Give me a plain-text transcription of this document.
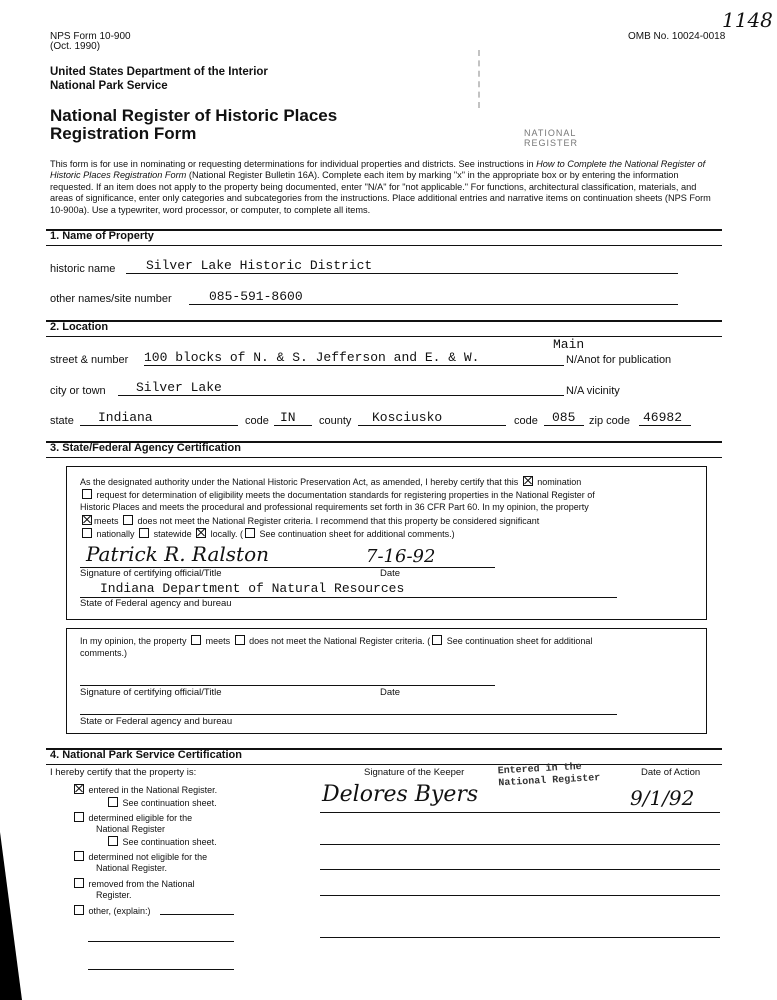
NPS Form 10-900
(Oct. 1990)
OMB No. 10024-0018
1148
United States Department of the Interior
National Park Service
National Register of Historic Places
Registration Form	NATIONAL REGISTER

This form is for use in nominating or requesting determinations for individual properties and districts. See instructions in How to Complete the National Register of Historic Places Registration Form (National Register Bulletin 16A). Complete each item by marking "x" in the appropriate box or by entering the information requested. If an item does not apply to the property being documented, enter "N/A" for "not applicable." For functions, architectural classification, materials, and areas of significance, enter only categories and subcategories from the instructions. Place additional entries and narrative items on continuation sheets (NPS Form 10-900a). Use a typewriter, word processor, or computer, to complete all items.

1. Name of Property
historic name	Silver Lake Historic District
other names/site number	085-591-8600
2. Location
Main
street & number 100 blocks of N. & S. Jefferson and E. & W.	N/Anot for publication
city or town	Silver Lake	N/A vicinity
state	Indiana	code IN	county	Kosciusko	code	085	zip code	46982
3. State/Federal Agency Certification
As the designated authority under the National Historic Preservation Act, as amended, I hereby certify that this nomination
request for determination of eligibility meets the documentation standards for registering properties in the National Register of
Historic Places and meets the procedural and professional requirements set forth in 36 CFR Part 60. In my opinion, the property
meets does not meet the National Register criteria. I recommend that this property be considered significant
nationally statewide locally. ( See continuation sheet for additional comments.)
Patrick R. Ralston	7-16-92
Signature of certifying official/Title	Date
Indiana Department of Natural Resources
State of Federal agency and bureau
In my opinion, the property meets does not meet the National Register criteria. ( See continuation sheet for additional
comments.)
Signature of certifying official/Title	Date
State or Federal agency and bureau
4. National Park Service Certification
I hereby certify that the property is:	Signature of the Keeper	Entered in the National Register
Date of Action
Delores Byers	9/1/92
entered in the National Register.
See continuation sheet.
determined eligible for the
National Register
See continuation sheet.
determined not eligible for the
National Register.
removed from the National
Register.
other, (explain:)
